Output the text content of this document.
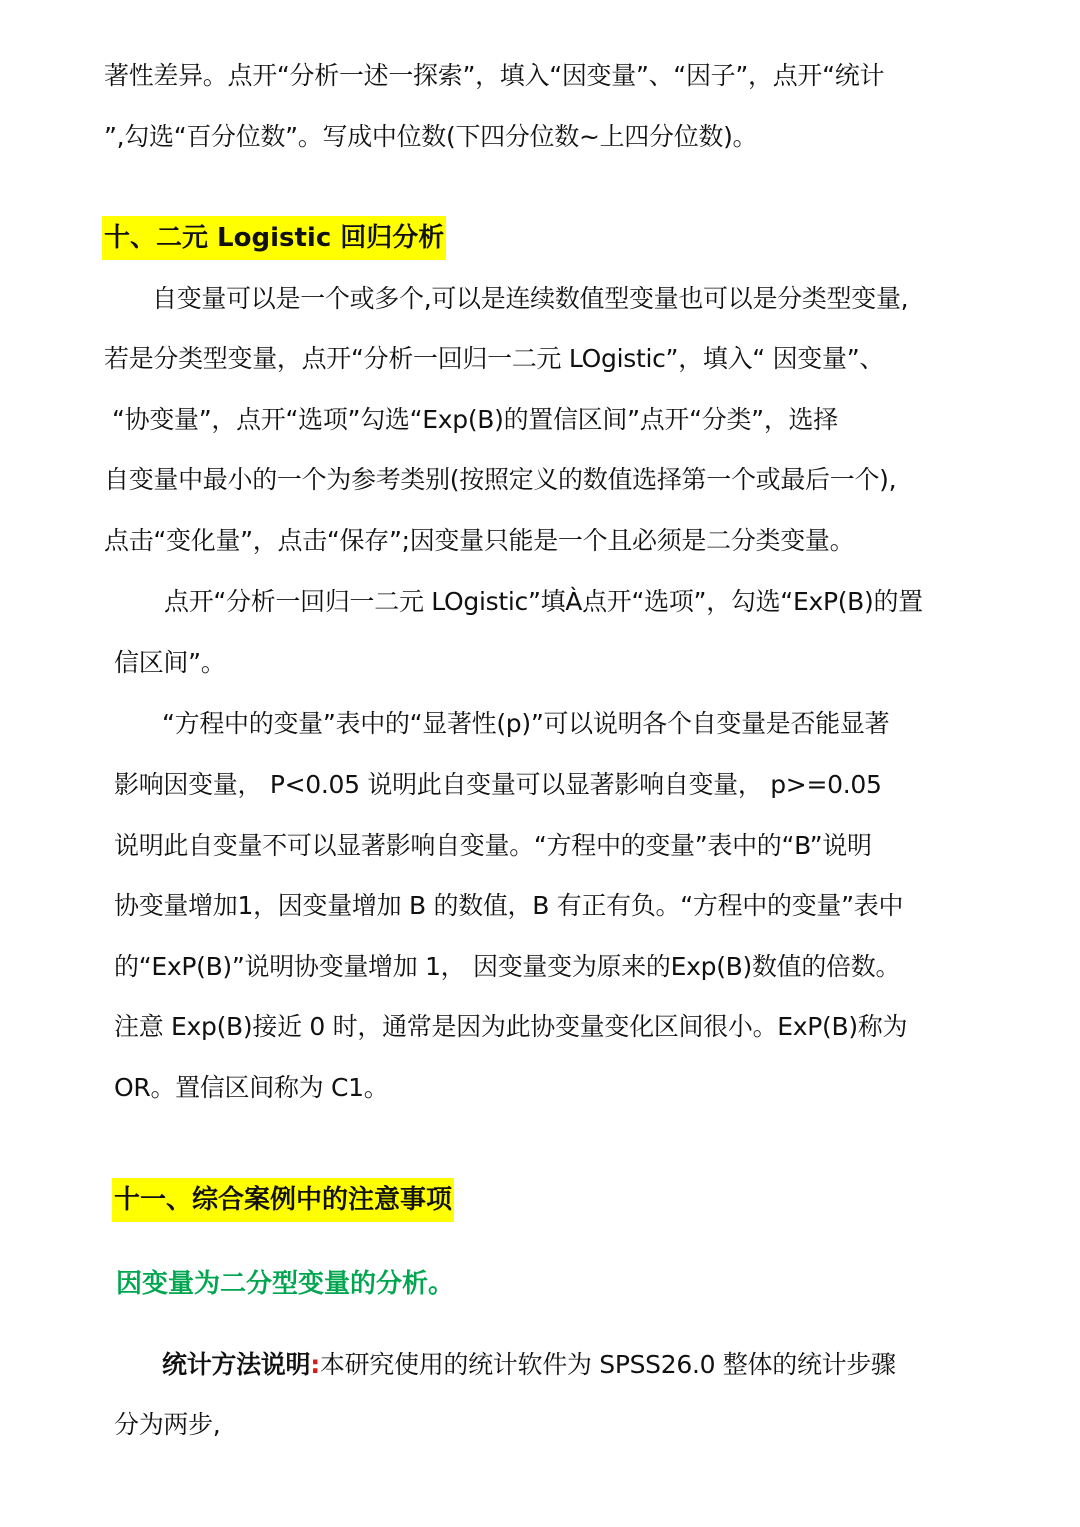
著性差异。点开“分析一述一探索”，填入“因变量”、“因子”，点开“统计
”,勾选“百分位数”。写成中位数(下四分位数~上四分位数)。
十、二元 Logistic 回归分析
自变量可以是一个或多个,可以是连续数值型变量也可以是分类型变量,
若是分类型变量，点开“分析一回归一二元 LOgistic”，填入“ 因变量”、
“协变量”，点开“选项”勾选“Exp(B)的置信区间”点开“分类”，选择
自变量中最小的一个为参考类别(按照定义的数值选择第一个或最后一个),
点击“变化量”，点击“保存”;因变量只能是一个且必须是二分类变量。
点开“分析一回归一二元 LOgistic”填À点开“选项”，勾选“ExP(B)的置
信区间”。
“方程中的变量”表中的“显著性(p)”可以说明各个自变量是否能显著
影响因变量， P<0.05 说明此自变量可以显著影响自变量， p>=0.05
说明此自变量不可以显著影响自变量。“方程中的变量”表中的“B”说明
协变量增加1，因变量增加 B 的数值，B 有正有负。“方程中的变量”表中
的“ExP(B)”说明协变量增加 1， 因变量变为原来的Exp(B)数值的倍数。
注意 Exp(B)接近 0 时，通常是因为此协变量变化区间很小。ExP(B)称为
OR。置信区间称为 C1。
十一、综合案例中的注意事项
因变量为二分型变量的分析。
统计方法说明:本研究使用的统计软件为 SPSS26.0 整体的统计步骤
分为两步,
